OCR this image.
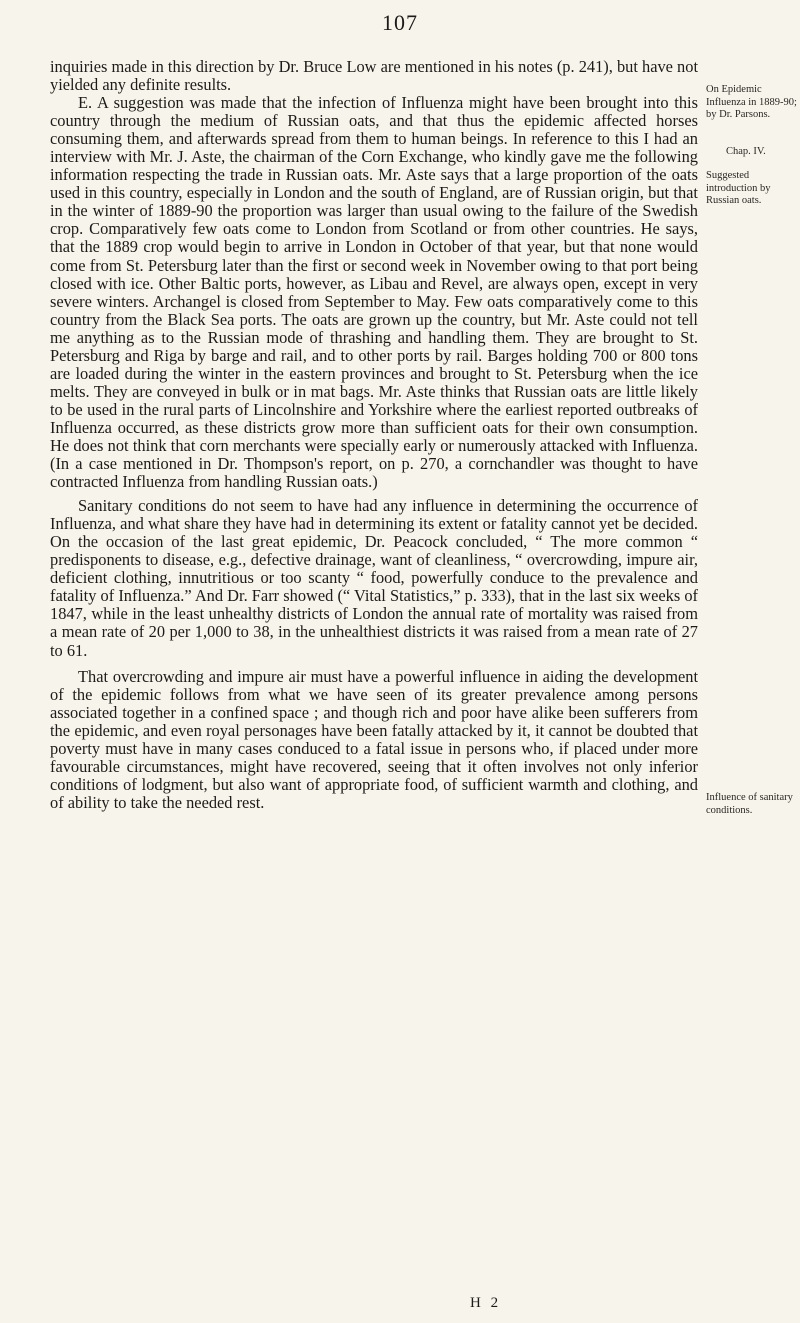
107

inquiries made in this direction by Dr. Bruce Low are mentioned in his notes (p. 241), but have not yielded any definite results.

E. A suggestion was made that the infection of Influenza might have been brought into this country through the medium of Russian oats, and that thus the epidemic affected horses consuming them, and afterwards spread from them to human beings. In reference to this I had an interview with Mr. J. Aste, the chairman of the Corn Exchange, who kindly gave me the following information respecting the trade in Russian oats. Mr. Aste says that a large proportion of the oats used in this country, especially in London and the south of England, are of Russian origin, but that in the winter of 1889-90 the proportion was larger than usual owing to the failure of the Swedish crop. Comparatively few oats come to London from Scotland or from other countries. He says, that the 1889 crop would begin to arrive in London in October of that year, but that none would come from St. Petersburg later than the first or second week in November owing to that port being closed with ice. Other Baltic ports, however, as Libau and Revel, are always open, except in very severe winters. Archangel is closed from September to May. Few oats comparatively come to this country from the Black Sea ports. The oats are grown up the country, but Mr. Aste could not tell me anything as to the Russian mode of thrashing and handling them. They are brought to St. Petersburg and Riga by barge and rail, and to other ports by rail. Barges holding 700 or 800 tons are loaded during the winter in the eastern provinces and brought to St. Petersburg when the ice melts. They are conveyed in bulk or in mat bags. Mr. Aste thinks that Russian oats are little likely to be used in the rural parts of Lincolnshire and Yorkshire where the earliest reported outbreaks of Influenza occurred, as these districts grow more than sufficient oats for their own consumption. He does not think that corn merchants were specially early or numerously attacked with Influenza. (In a case mentioned in Dr. Thompson's report, on p. 270, a cornchandler was thought to have contracted Influenza from handling Russian oats.)

Sanitary conditions do not seem to have had any influence in determining the occurrence of Influenza, and what share they have had in determining its extent or fatality cannot yet be decided. On the occasion of the last great epidemic, Dr. Peacock concluded, “ The more common “ predisponents to disease, e.g., defective drainage, want of cleanliness, “ overcrowding, impure air, deficient clothing, innutritious or too scanty “ food, powerfully conduce to the prevalence and fatality of Influenza.” And Dr. Farr showed (“ Vital Statistics,” p. 333), that in the last six weeks of 1847, while in the least unhealthy districts of London the annual rate of mortality was raised from a mean rate of 20 per 1,000 to 38, in the unhealthiest districts it was raised from a mean rate of 27 to 61.

That overcrowding and impure air must have a powerful influence in aiding the development of the epidemic follows from what we have seen of its greater prevalence among persons associated together in a confined space ; and though rich and poor have alike been sufferers from the epidemic, and even royal personages have been fatally attacked by it, it cannot be doubted that poverty must have in many cases conduced to a fatal issue in persons who, if placed under more favourable circumstances, might have recovered, seeing that it often involves not only inferior conditions of lodgment, but also want of appropriate food, of sufficient warmth and clothing, and of ability to take the needed rest.

On Epidemic Influenza in 1889-90; by Dr. Parsons.
Chap. IV.
Suggested introduction by Russian oats.
Influence of sanitary conditions.
H 2
